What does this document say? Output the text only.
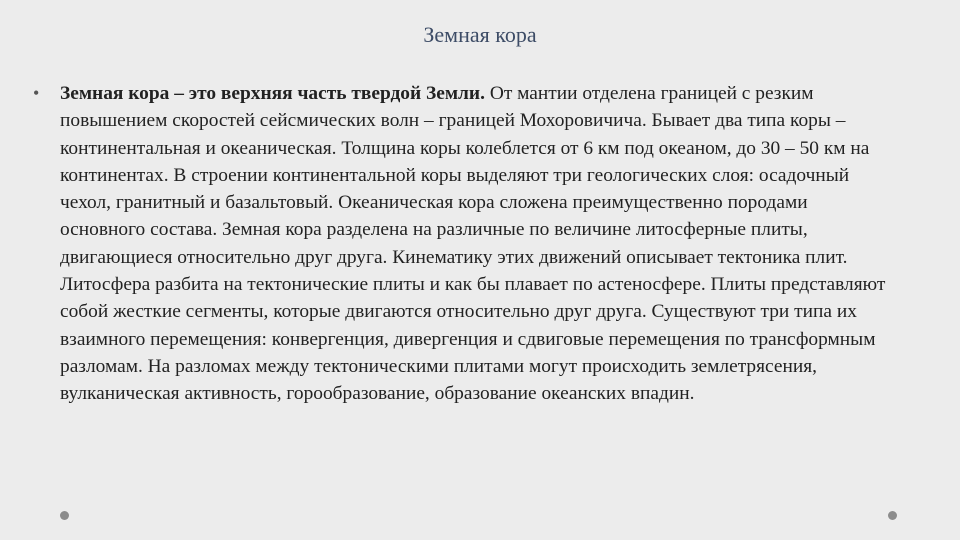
Земная кора
•	Земная кора – это верхняя часть твердой Земли. От мантии отделена границей с резким повышением скоростей сейсмических волн – границей Мохоровичича. Бывает два типа коры – континентальная и океаническая. Толщина коры колеблется от 6 км под океаном, до 30 – 50 км на континентах. В строении континентальной коры выделяют три геологических слоя: осадочный чехол, гранитный и базальтовый. Океаническая кора сложена преимущественно породами основного состава. Земная кора разделена на различные по величине литосферные плиты, двигающиеся относительно друг друга. Кинематику этих движений описывает тектоника плит. Литосфера разбита на тектонические плиты и как бы плавает по астеносфере. Плиты представляют собой жесткие сегменты, которые двигаются относительно друг друга. Существуют три типа их взаимного перемещения: конвергенция, дивергенция и сдвиговые перемещения по трансформным разломам. На разломах между тектоническими плитами могут происходить землетрясения, вулканическая активность, горообразование, образование океанских впадин.
